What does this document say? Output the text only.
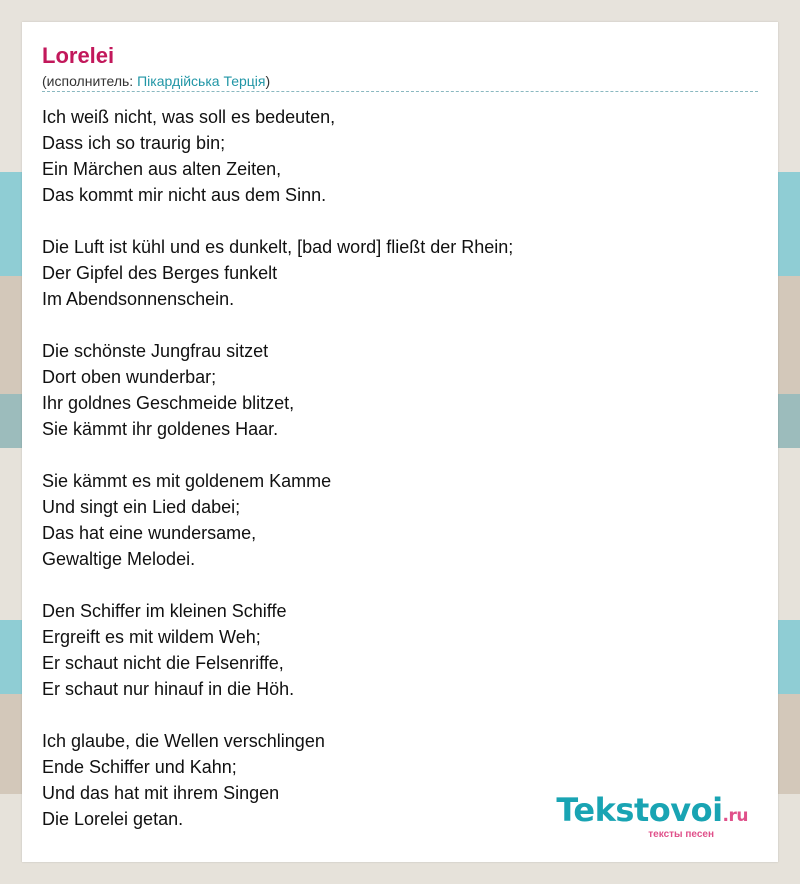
Lorelei
(исполнитель: Пікардійська Терція)
Ich weiß nicht, was soll es bedeuten,
Dass ich so traurig bin;
Ein Märchen aus alten Zeiten,
Das kommt mir nicht aus dem Sinn.
Die Luft ist kühl und es dunkelt, [bad word] fließt der Rhein;
Der Gipfel des Berges funkelt
Im Abendsonnenschein.
Die schönste Jungfrau sitzet
Dort oben wunderbar;
Ihr goldnes Geschmeide blitzet,
Sie kämmt ihr goldenes Haar.
Sie kämmt es mit goldenem Kamme
Und singt ein Lied dabei;
Das hat eine wundersame,
Gewaltige Melodei.
Den Schiffer im kleinen Schiffe
Ergreift es mit wildem Weh;
Er schaut nicht die Felsenriffe,
Er schaut nur hinauf in die Höh.
Ich glaube, die Wellen verschlingen
Ende Schiffer und Kahn;
Und das hat mit ihrem Singen
Die Lorelei getan.	Tekstovoi.ru
тексты песен
